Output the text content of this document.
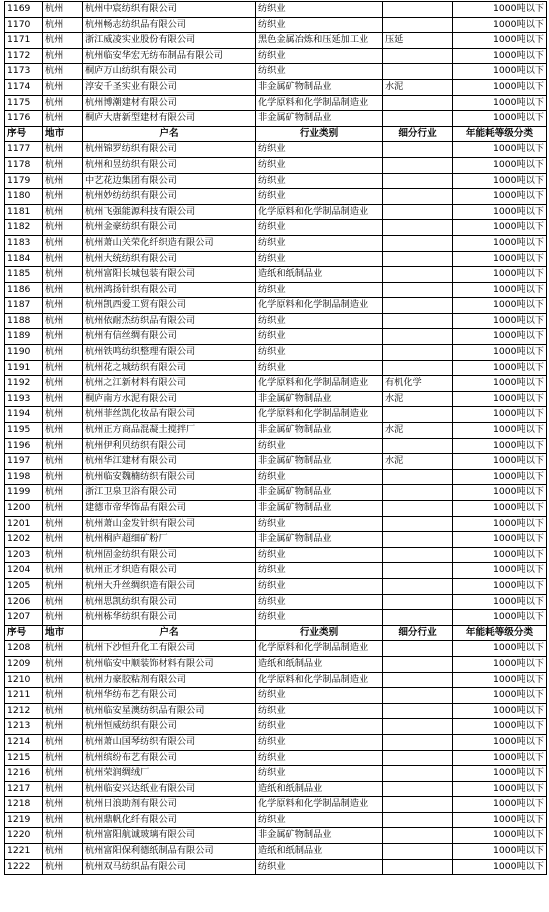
1169	杭州	杭州中宸纺织有限公司	纺织业		1000吨以下
1170	杭州	杭州畅志纺织品有限公司	纺织业		1000吨以下
1171	杭州	浙江威凌实业股份有限公司	黑色金属冶炼和压延加工业	压延	1000吨以下
1172	杭州	杭州临安华宏无纺布制品有限公司	纺织业		1000吨以下
1173	杭州	桐庐万山纺织有限公司	纺织业		1000吨以下
1174	杭州	淳安千圣实业有限公司	非金属矿物制品业	水泥	1000吨以下
1175	杭州	杭州博潮建材有限公司	化学原料和化学制品制造业		1000吨以下
1176	杭州	桐庐大唐新型建材有限公司	非金属矿物制品业		1000吨以下
序号	地市	户名	行业类别	细分行业	年能耗等级分类
1177	杭州	杭州锦罗纺织有限公司	纺织业		1000吨以下
1178	杭州	杭州和昱纺织有限公司	纺织业		1000吨以下
1179	杭州	中艺花边集团有限公司	纺织业		1000吨以下
1180	杭州	杭州妙纺纺织有限公司	纺织业		1000吨以下
1181	杭州	杭州飞强能源科技有限公司	化学原料和化学制品制造业		1000吨以下
1182	杭州	杭州金豪纺织有限公司	纺织业		1000吨以下
1183	杭州	杭州萧山关荣化纤织造有限公司	纺织业		1000吨以下
1184	杭州	杭州大统纺织有限公司	纺织业		1000吨以下
1185	杭州	杭州富阳长城包装有限公司	造纸和纸制品业		1000吨以下
1186	杭州	杭州鸿扬针织有限公司	纺织业		1000吨以下
1187	杭州	杭州凯西爱工贸有限公司	化学原料和化学制品制造业		1000吨以下
1188	杭州	杭州依耐杰纺织品有限公司	纺织业		1000吨以下
1189	杭州	杭州有信丝绸有限公司	纺织业		1000吨以下
1190	杭州	杭州铁鸣纺织整理有限公司	纺织业		1000吨以下
1191	杭州	杭州花之城纺织有限公司	纺织业		1000吨以下
1192	杭州	杭州之江新材料有限公司	化学原料和化学制品制造业	有机化学	1000吨以下
1193	杭州	桐庐南方水泥有限公司	非金属矿物制品业	水泥	1000吨以下
1194	杭州	杭州菲丝凯化妆品有限公司	化学原料和化学制品制造业		1000吨以下
1195	杭州	杭州正方商品混凝土搅拌厂	非金属矿物制品业	水泥	1000吨以下
1196	杭州	杭州伊利贝纺织有限公司	纺织业		1000吨以下
1197	杭州	杭州华江建材有限公司	非金属矿物制品业	水泥	1000吨以下
1198	杭州	杭州临安魏楠纺织有限公司	纺织业		1000吨以下
1199	杭州	浙江卫泉卫浴有限公司	非金属矿物制品业		1000吨以下
1200	杭州	建德市帝华饰品有限公司	非金属矿物制品业		1000吨以下
1201	杭州	杭州萧山金发针织有限公司	纺织业		1000吨以下
1202	杭州	杭州桐庐超细矿粉厂	非金属矿物制品业		1000吨以下
1203	杭州	杭州固金纺织有限公司	纺织业		1000吨以下
1204	杭州	杭州正才织造有限公司	纺织业		1000吨以下
1205	杭州	杭州大升丝绸织造有限公司	纺织业		1000吨以下
1206	杭州	杭州思凯纺织有限公司	纺织业		1000吨以下
1207	杭州	杭州栋华纺织有限公司	纺织业		1000吨以下
序号	地市	户名	行业类别	细分行业	年能耗等级分类
1208	杭州	杭州下沙恒升化工有限公司	化学原料和化学制品制造业		1000吨以下
1209	杭州	杭州临安中顺装饰材料有限公司	造纸和纸制品业		1000吨以下
1210	杭州	杭州力豪胶粘剂有限公司	化学原料和化学制品制造业		1000吨以下
1211	杭州	杭州华纺布艺有限公司	纺织业		1000吨以下
1212	杭州	杭州临安星澳纺织品有限公司	纺织业		1000吨以下
1213	杭州	杭州恒威纺织有限公司	纺织业		1000吨以下
1214	杭州	杭州萧山国琴纺织有限公司	纺织业		1000吨以下
1215	杭州	杭州缤纷布艺有限公司	纺织业		1000吨以下
1216	杭州	杭州荣润绸绒厂	纺织业		1000吨以下
1217	杭州	杭州临安兴达纸业有限公司	造纸和纸制品业		1000吨以下
1218	杭州	杭州日浪助剂有限公司	化学原料和化学制品制造业		1000吨以下
1219	杭州	杭州鼎帆化纤有限公司	纺织业		1000吨以下
1220	杭州	杭州富阳航诚玻璃有限公司	非金属矿物制品业		1000吨以下
1221	杭州	杭州富阳保利德纸制品有限公司	造纸和纸制品业		1000吨以下
1222	杭州	杭州双马纺织品有限公司	纺织业		1000吨以下
